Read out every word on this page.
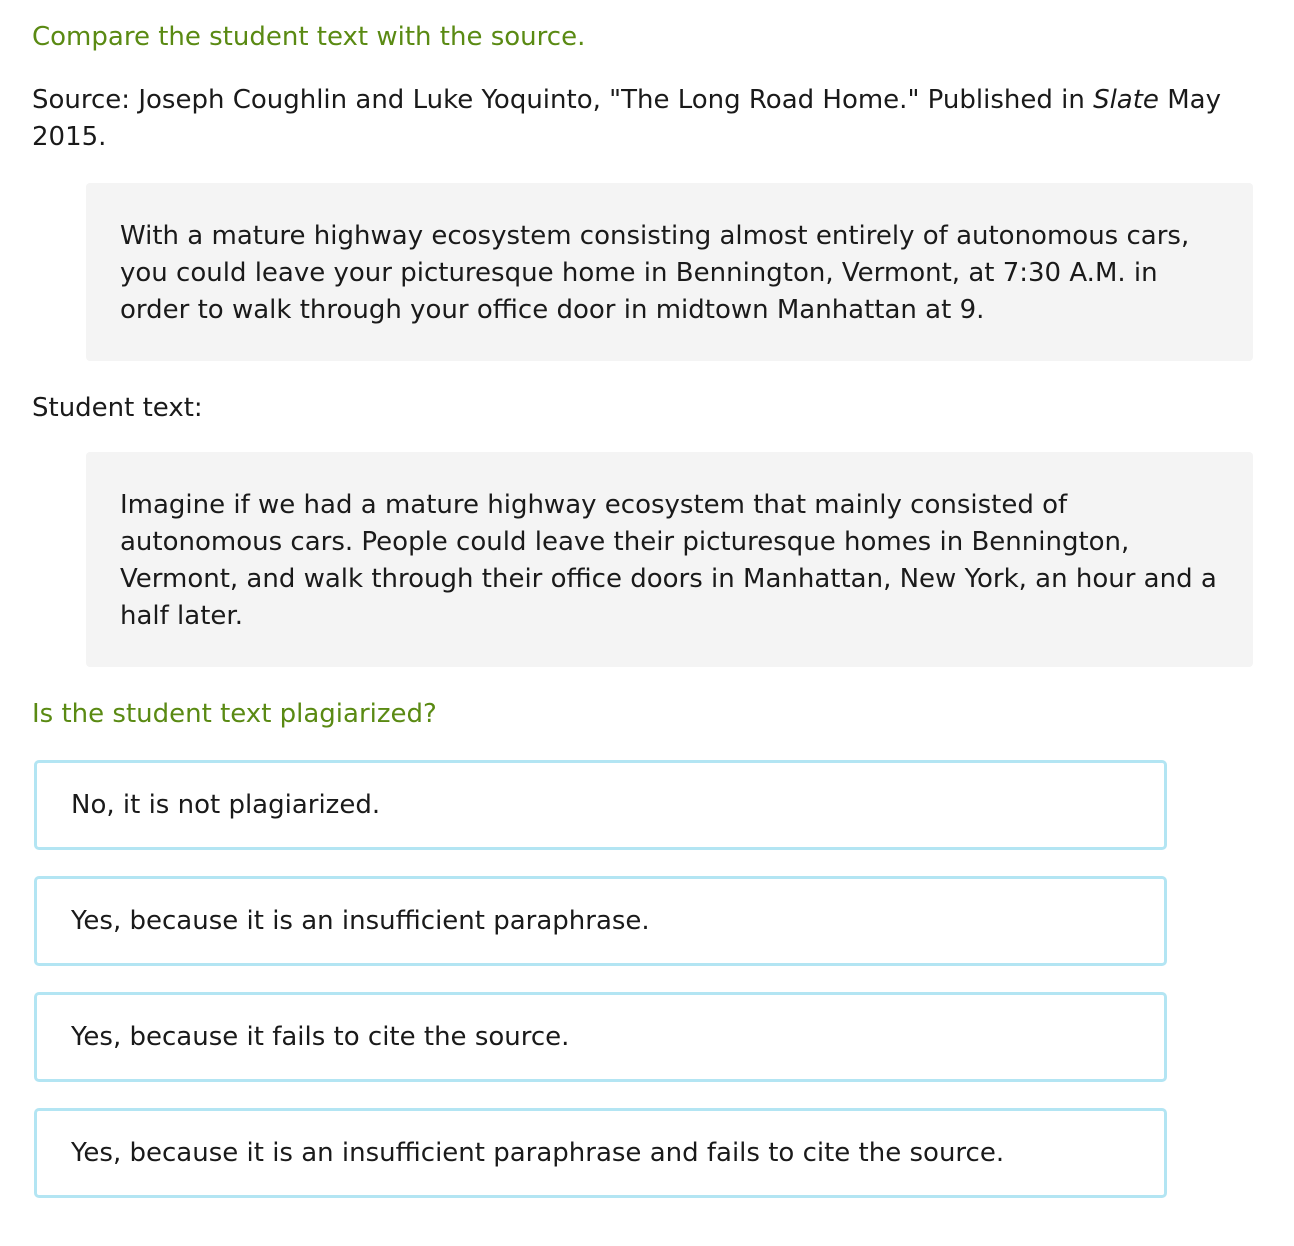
Compare the student text with the source.

Source: Joseph Coughlin and Luke Yoquinto, "The Long Road Home." Published in Slate May 2015.

With a mature highway ecosystem consisting almost entirely of autonomous cars, you could leave your picturesque home in Bennington, Vermont, at 7:30 A.M. in order to walk through your office door in midtown Manhattan at 9.

Student text:

Imagine if we had a mature highway ecosystem that mainly consisted of autonomous cars. People could leave their picturesque homes in Bennington, Vermont, and walk through their office doors in Manhattan, New York, an hour and a half later.

Is the student text plagiarized?

No, it is not plagiarized.
Yes, because it is an insufficient paraphrase.
Yes, because it fails to cite the source.
Yes, because it is an insufficient paraphrase and fails to cite the source.
